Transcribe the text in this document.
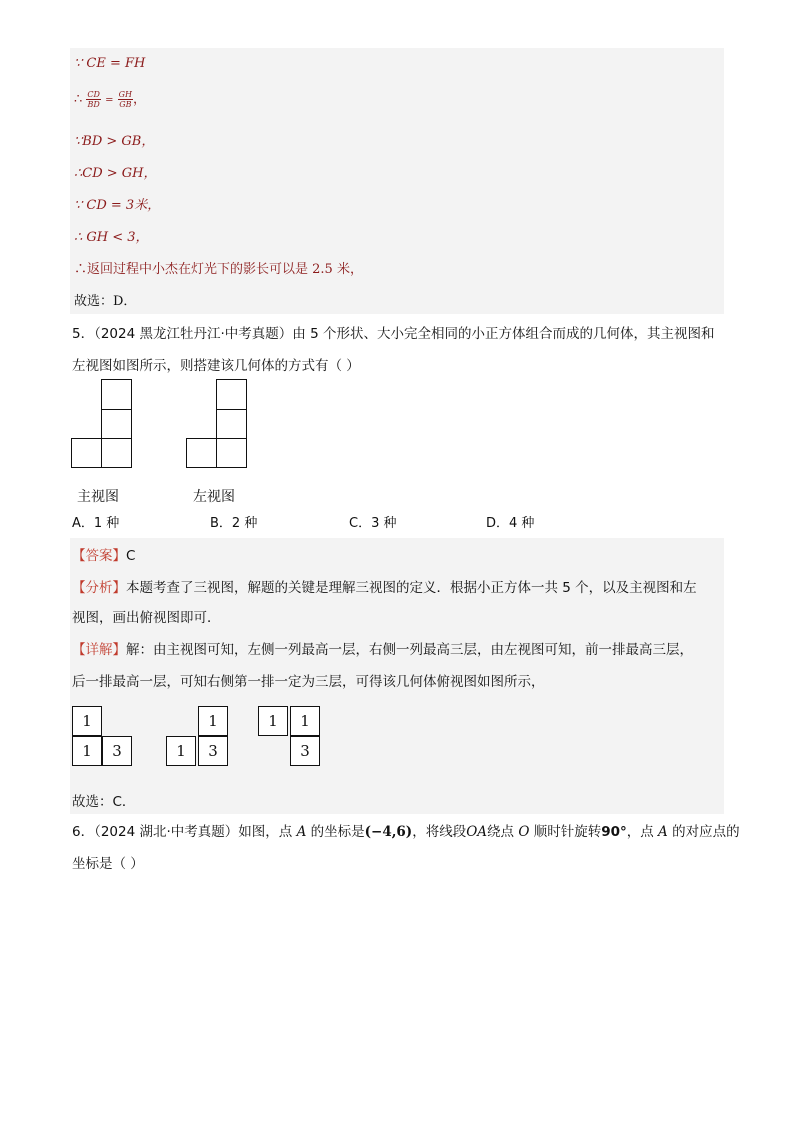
∵ CE = FH
∴ $\frac{CD}{BD} = \frac{GH}{GB}$ ，
∵BD > GB，
∴CD > GH，
∵ CD = 3米，
∴ GH < 3，
∴返回过程中小杰在灯光下的影长可以是 2.5 米，
故选：D．
5．（2024 黑龙江牡丹江·中考真题）由 5 个形状、大小完全相同的小正方体组合而成的几何体，其主视图和
左视图如图所示，则搭建该几何体的方式有（ ）
主视图	左视图
A．1 种	B．2 种	C．3 种	D．4 种
【答案】C
【分析】本题考查了三视图，解题的关键是理解三视图的定义．根据小正方体一共 5 个，以及主视图和左
视图，画出俯视图即可．
【详解】解：由主视图可知，左侧一列最高一层，右侧一列最高三层，由左视图可知，前一排最高三层，
后一排最高一层，可知右侧第一排一定为三层，可得该几何体俯视图如图所示，
1
1	3
1
1	3
1	1
3
故选：C．
6．（2024 湖北·中考真题）如图，点 A 的坐标是(−4,6)，将线段OA绕点 O 顺时针旋转90°，点 A 的对应点的
坐标是（ ）
